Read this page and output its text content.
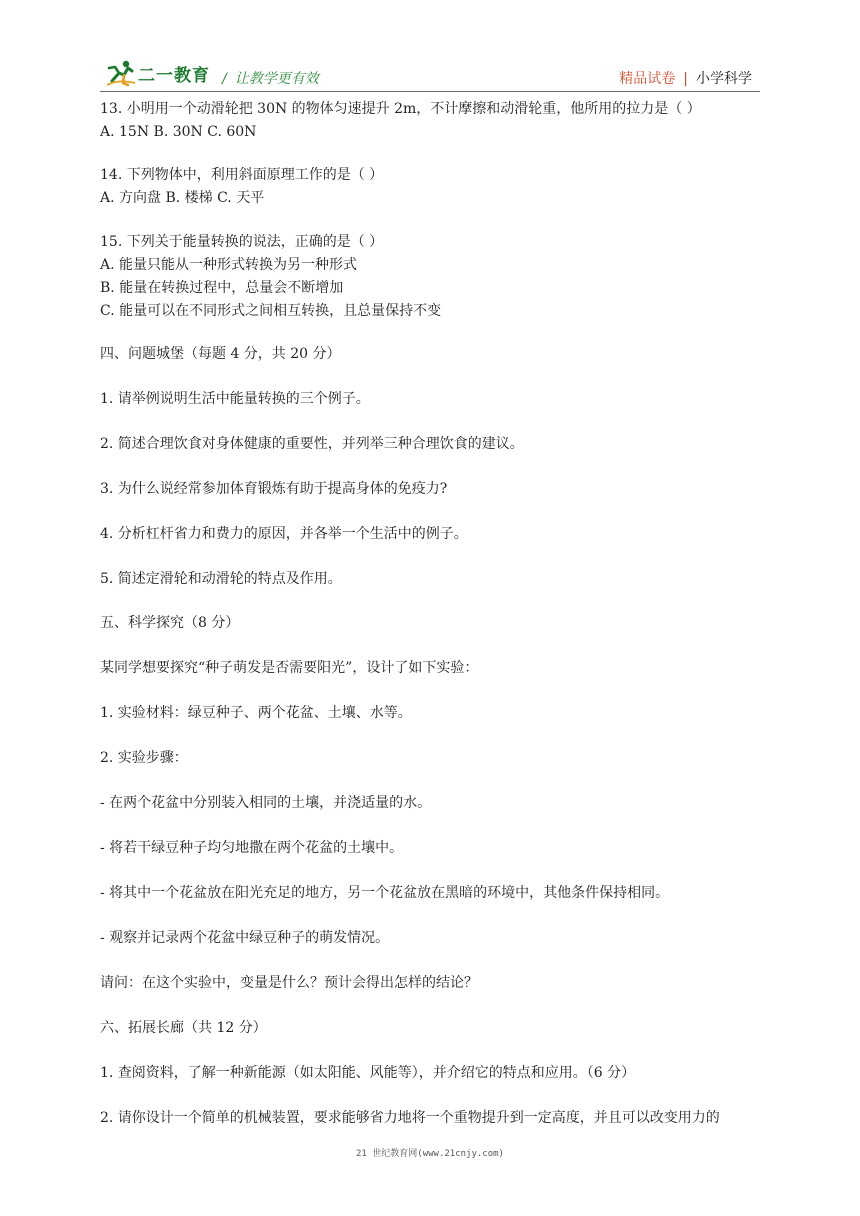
二一教育 / 让教学更有效	精品试卷 | 小学科学
13. 小明用一个动滑轮把 30N 的物体匀速提升 2m，不计摩擦和动滑轮重，他所用的拉力是（ ）
A. 15N B. 30N C. 60N
14. 下列物体中，利用斜面原理工作的是（ ）
A. 方向盘 B. 楼梯 C. 天平
15. 下列关于能量转换的说法，正确的是（ ）
A. 能量只能从一种形式转换为另一种形式
B. 能量在转换过程中，总量会不断增加
C. 能量可以在不同形式之间相互转换，且总量保持不变
四、问题城堡（每题 4 分，共 20 分）
1. 请举例说明生活中能量转换的三个例子。
2. 简述合理饮食对身体健康的重要性，并列举三种合理饮食的建议。
3. 为什么说经常参加体育锻炼有助于提高身体的免疫力?
4. 分析杠杆省力和费力的原因，并各举一个生活中的例子。
5. 简述定滑轮和动滑轮的特点及作用。
五、科学探究（8 分）
某同学想要探究“种子萌发是否需要阳光”，设计了如下实验：
1. 实验材料：绿豆种子、两个花盆、土壤、水等。
2. 实验步骤：
- 在两个花盆中分别装入相同的土壤，并浇适量的水。
- 将若干绿豆种子均匀地撒在两个花盆的土壤中。
- 将其中一个花盆放在阳光充足的地方，另一个花盆放在黑暗的环境中，其他条件保持相同。
- 观察并记录两个花盆中绿豆种子的萌发情况。
请问：在这个实验中，变量是什么？预计会得出怎样的结论？
六、拓展长廊（共 12 分）
1. 查阅资料，了解一种新能源（如太阳能、风能等），并介绍它的特点和应用。（6 分）
2. 请你设计一个简单的机械装置，要求能够省力地将一个重物提升到一定高度，并且可以改变用力的
21 世纪教育网(www.21cnjy.com)
